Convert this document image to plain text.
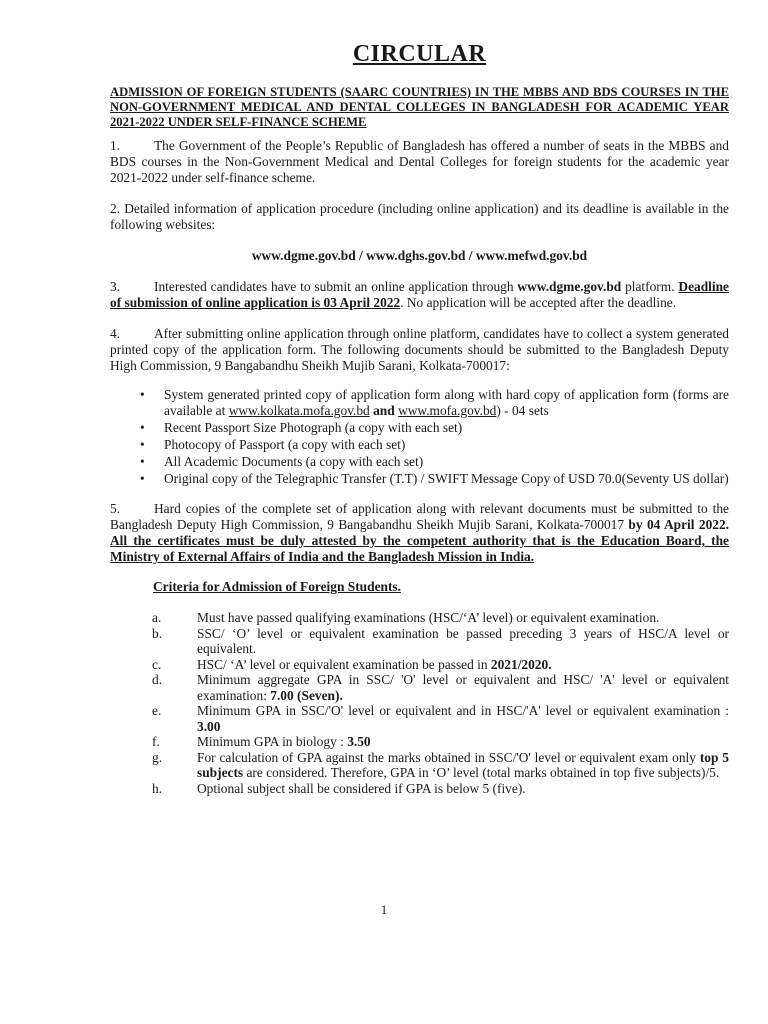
CIRCULAR
ADMISSION OF FOREIGN STUDENTS (SAARC COUNTRIES) IN THE MBBS AND BDS COURSES IN THE NON-GOVERNMENT MEDICAL AND DENTAL COLLEGES IN BANGLADESH FOR ACADEMIC YEAR 2021-2022 UNDER SELF-FINANCE SCHEME

1.	The Government of the People’s Republic of Bangladesh has offered a number of seats in the MBBS and BDS courses in the Non-Government Medical and Dental Colleges for foreign students for the academic year 2021-2022 under self-finance scheme.

2. Detailed information of application procedure (including online application) and its deadline is available in the following websites:

www.dgme.gov.bd / www.dghs.gov.bd / www.mefwd.gov.bd

3.	Interested candidates have to submit an online application through www.dgme.gov.bd platform. Deadline of submission of online application is 03 April 2022. No application will be accepted after the deadline.

4.	After submitting online application through online platform, candidates have to collect a system generated printed copy of the application form. The following documents should be submitted to the Bangladesh Deputy High Commission, 9 Bangabandhu Sheikh Mujib Sarani, Kolkata-700017:

• System generated printed copy of application form along with hard copy of application form (forms are available at www.kolkata.mofa.gov.bd and www.mofa.gov.bd) - 04 sets
• Recent Passport Size Photograph (a copy with each set)
• Photocopy of Passport (a copy with each set)
• All Academic Documents (a copy with each set)
• Original copy of the Telegraphic Transfer (T.T) / SWIFT Message Copy of USD 70.0(Seventy US dollar)

5.	Hard copies of the complete set of application along with relevant documents must be submitted to the Bangladesh Deputy High Commission, 9 Bangabandhu Sheikh Mujib Sarani, Kolkata-700017 by 04 April 2022. All the certificates must be duly attested by the competent authority that is the Education Board, the Ministry of External Affairs of India and the Bangladesh Mission in India.

Criteria for Admission of Foreign Students.
a.	Must have passed qualifying examinations (HSC/‘A’ level) or equivalent examination.
b.	SSC/ ‘O’ level or equivalent examination be passed preceding 3 years of HSC/A level or equivalent.
c.	HSC/ ‘A’ level or equivalent examination be passed in 2021/2020.
d.	Minimum aggregate GPA in SSC/ 'O' level or equivalent and HSC/ 'A' level or equivalent examination: 7.00 (Seven).
e.	Minimum GPA in SSC/'O' level or equivalent and in HSC/'A' level or equivalent examination : 3.00
f.	Minimum GPA in biology : 3.50
g.	For calculation of GPA against the marks obtained in SSC/'O' level or equivalent exam only top 5 subjects are considered. Therefore, GPA in ‘O’ level (total marks obtained in top five subjects)/5.
h.	Optional subject shall be considered if GPA is below 5 (five).
1
